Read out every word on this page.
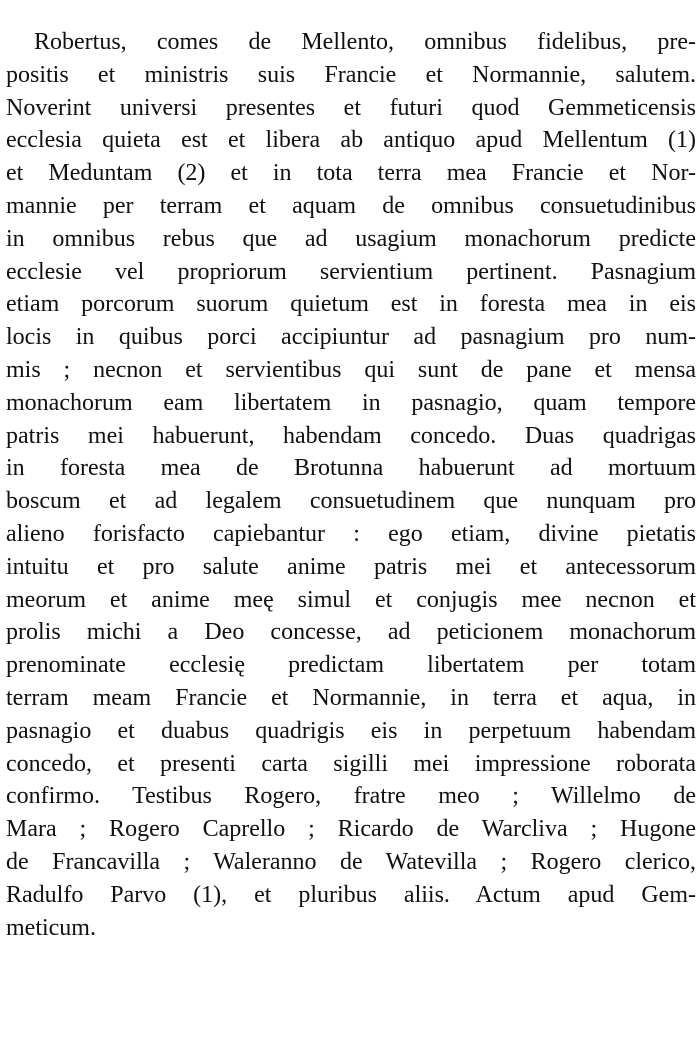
Robertus, comes de Mellento, omnibus fidelibus, pre-
positis et ministris suis Francie et Normannie, salutem.
Noverint universi presentes et futuri quod Gemmeticensis
ecclesia quieta est et libera ab antiquo apud Mellentum (1)
et Meduntam (2) et in tota terra mea Francie et Nor-
mannie per terram et aquam de omnibus consuetudinibus
in omnibus rebus que ad usagium monachorum predicte
ecclesie vel propriorum servientium pertinent. Pasnagium
etiam porcorum suorum quietum est in foresta mea in eis
locis in quibus porci accipiuntur ad pasnagium pro num-
mis ; necnon et servientibus qui sunt de pane et mensa
monachorum eam libertatem in pasnagio, quam tempore
patris mei habuerunt, habendam concedo. Duas quadrigas
in foresta mea de Brotunna habuerunt ad mortuum
boscum et ad legalem consuetudinem que nunquam pro
alieno forisfacto capiebantur : ego etiam, divine pietatis
intuitu et pro salute anime patris mei et antecessorum
meorum et anime meę simul et conjugis mee necnon et
prolis michi a Deo concesse, ad peticionem monachorum
prenominate ecclesię predictam libertatem per totam
terram meam Francie et Normannie, in terra et aqua, in
pasnagio et duabus quadrigis eis in perpetuum habendam
concedo, et presenti carta sigilli mei impressione roborata
confirmo. Testibus Rogero, fratre meo ; Willelmo de
Mara ; Rogero Caprello ; Ricardo de Warcliva ; Hugone
de Francavilla ; Waleranno de Watevilla ; Rogero clerico,
Radulfo Parvo (1), et pluribus aliis. Actum apud Gem-
meticum.
